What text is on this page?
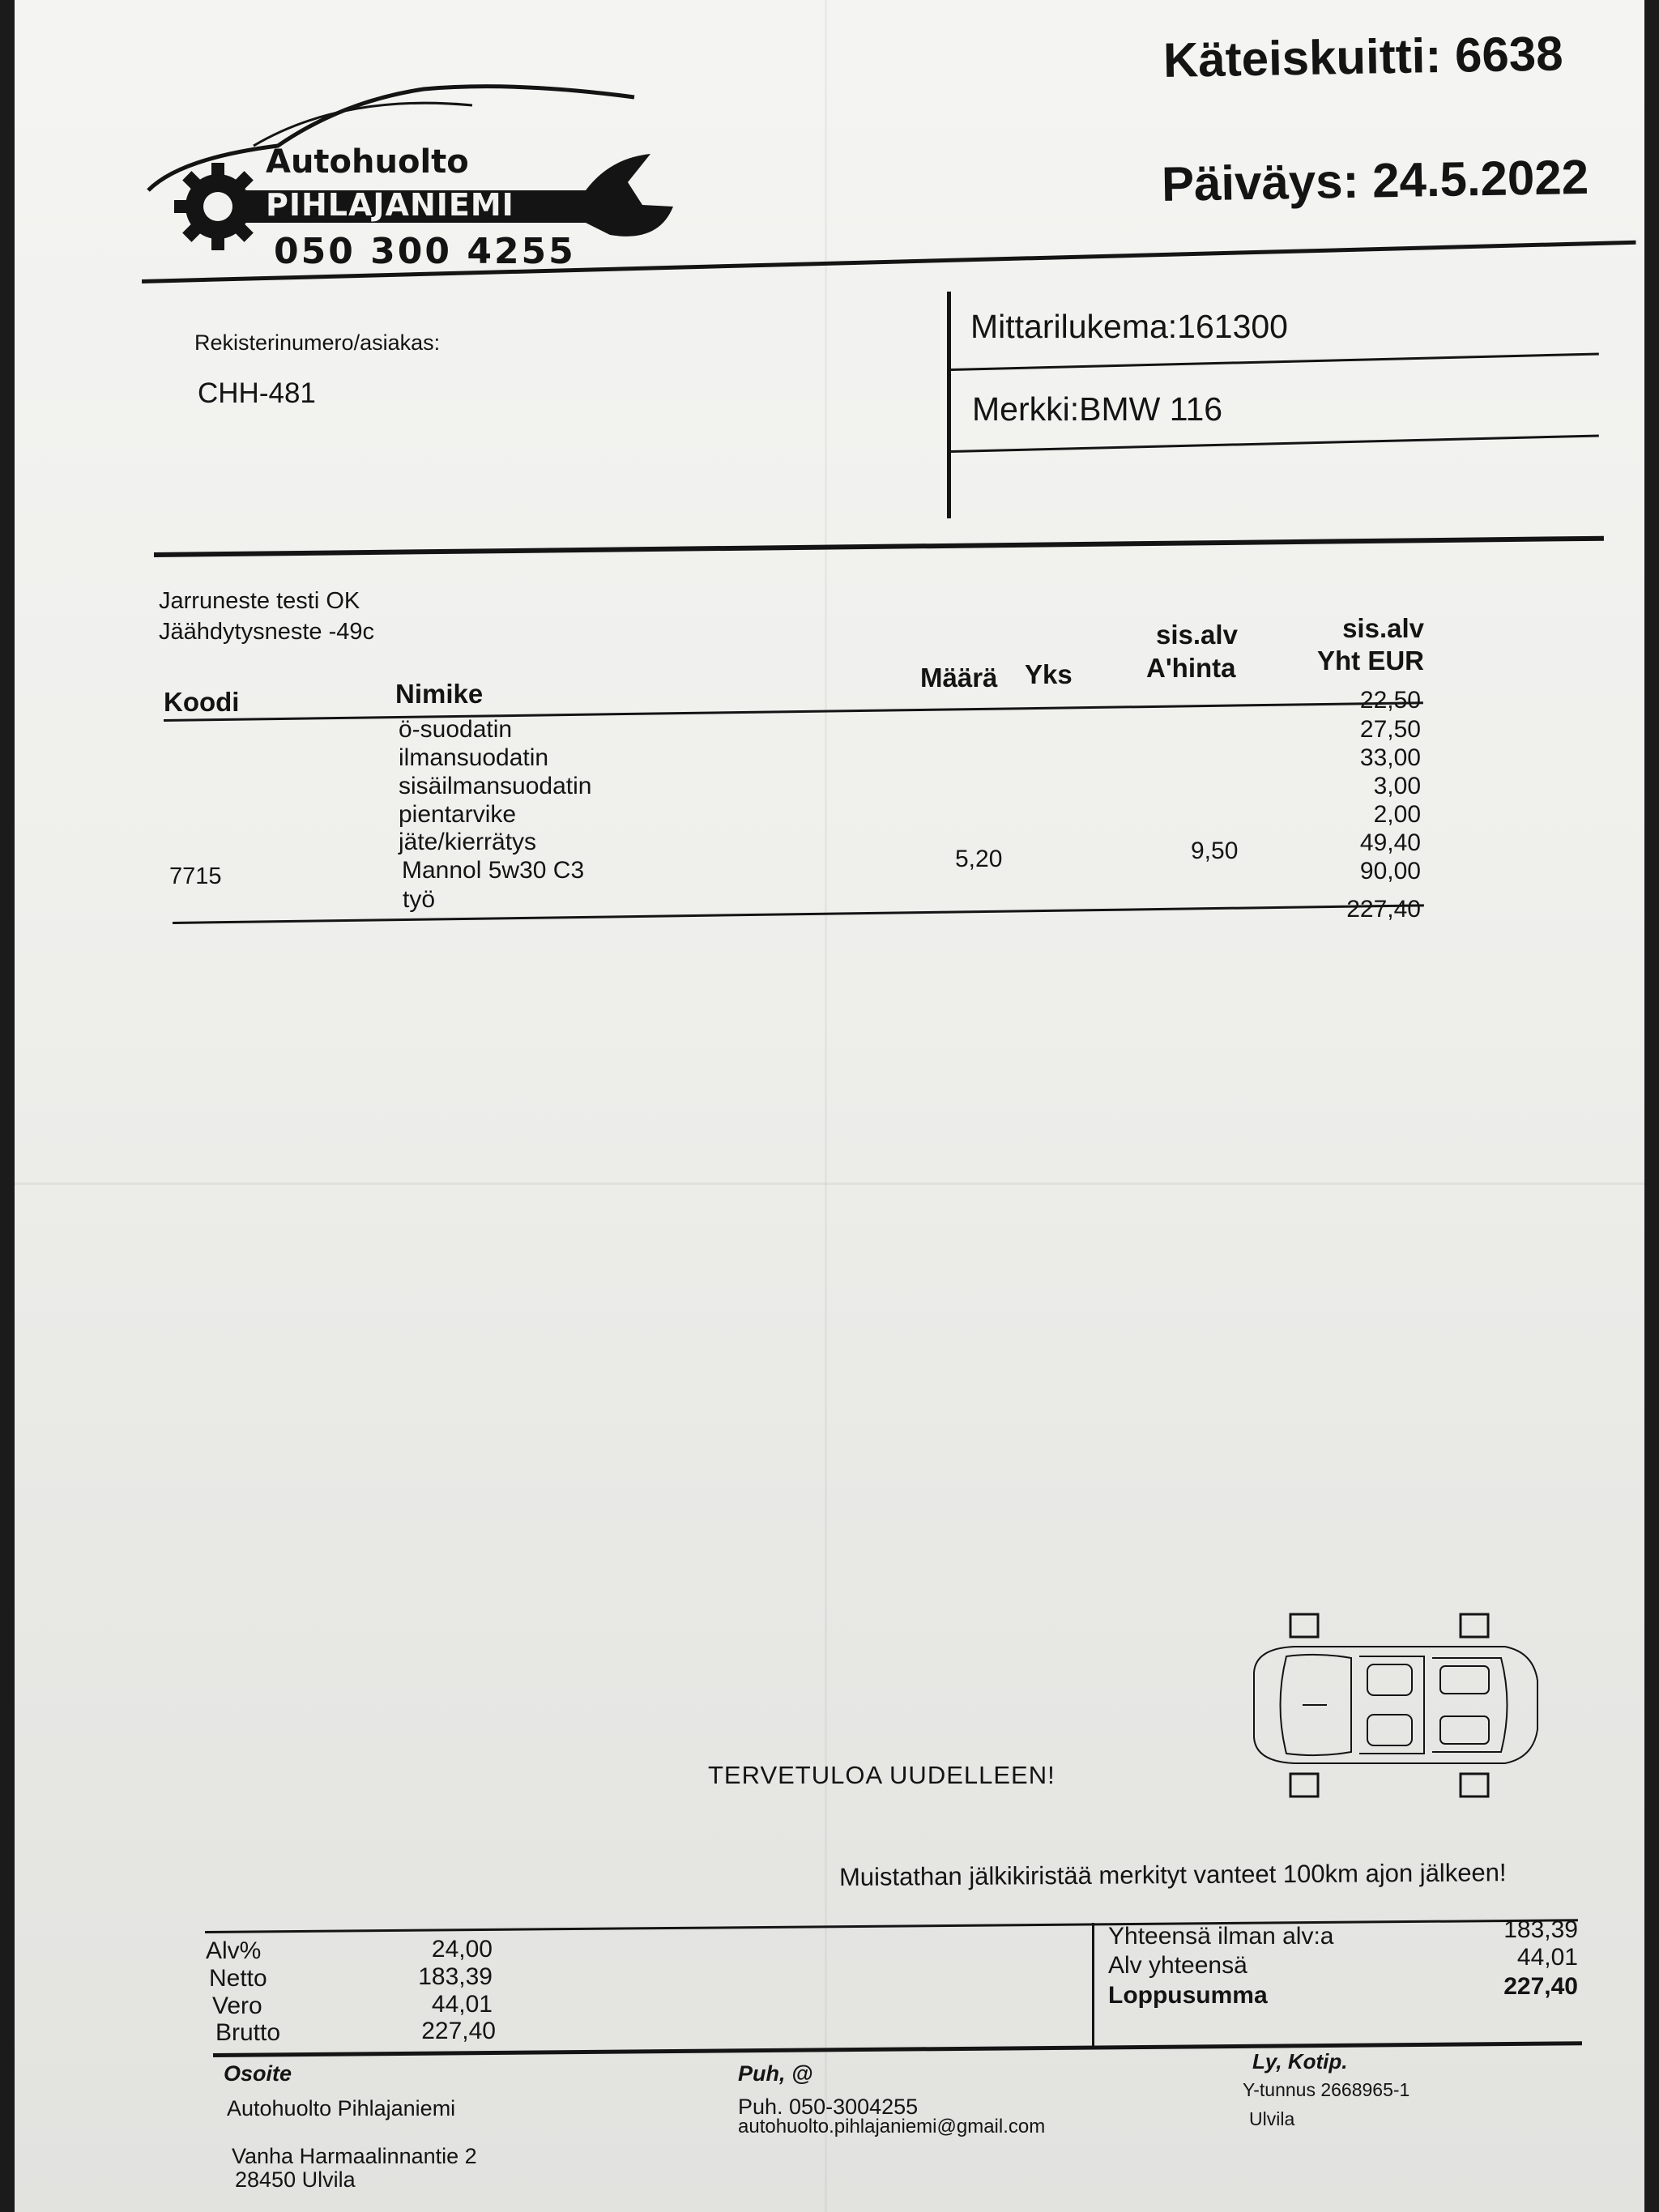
Autohuolto
PIHLAJANIEMI
050 300 4255
Käteiskuitti: 6638
Päiväys: 24.5.2022
Rekisterinumero/asiakas:
CHH-481
Mittarilukema:161300
Merkki:BMW 116
Jarruneste testi OK
Jäähdytysneste -49c
Koodi	Nimike
Määrä Yks
sis.alv
A'hinta
sis.alv
Yht EUR
22,50
27,50
33,00
3,00
2,00
49,40
90,00
ö-suodatin
ilmansuodatin
sisäilmansuodatin
pientarvike
jäte/kierrätys
Mannol 5w30 C3
työ
7715
5,20	9,50
227,40
TERVETULOA UUDELLEEN!
Muistathan jälkikiristää merkityt vanteet 100km ajon jälkeen!
Alv%
Netto
Vero
Brutto
24,00
183,39
44,01
227,40
Yhteensä ilman alv:a
Alv yhteensä
Loppusumma
183,39
44,01
227,40
Osoite
Autohuolto Pihlajaniemi
Vanha Harmaalinnantie 2
28450 Ulvila
Puh, @
Puh. 050-3004255
autohuolto.pihlajaniemi@gmail.com
Ly, Kotip.
Y-tunnus 2668965-1
Ulvila
